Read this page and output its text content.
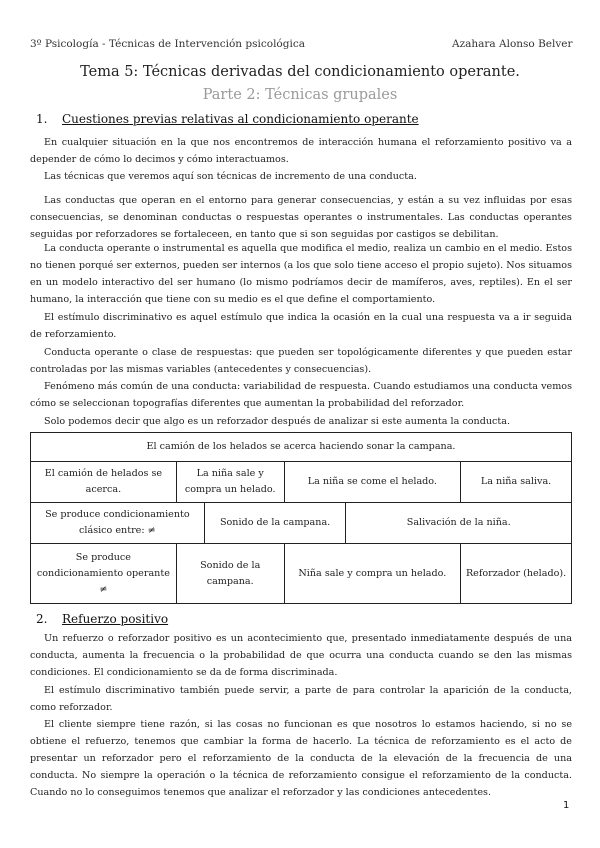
3º Psicología - Técnicas de Intervención psicológica	Azahara Alonso Belver
Tema 5: Técnicas derivadas del condicionamiento operante.
Parte 2: Técnicas grupales
1. Cuestiones previas relativas al condicionamiento operante

En cualquier situación en la que nos encontremos de interacción humana el reforzamiento positivo va a depender de cómo lo decimos y cómo interactuamos.

Las técnicas que veremos aquí son técnicas de incremento de una conducta.

Las conductas que operan en el entorno para generar consecuencias, y están a su vez influidas por esas consecuencias, se denominan conductas o respuestas operantes o instrumentales. Las conductas operantes seguidas por reforzadores se fortaleceen, en tanto que si son seguidas por castigos se debilitan.

La conducta operante o instrumental es aquella que modifica el medio, realiza un cambio en el medio. Estos no tienen porqué ser externos, pueden ser internos (a los que solo tiene acceso el propio sujeto). Nos situamos en un modelo interactivo del ser humano (lo mismo podríamos decir de mamíferos, aves, reptiles). En el ser humano, la interacción que tiene con su medio es el que define el comportamiento.

El estímulo discriminativo es aquel estímulo que indica la ocasión en la cual una respuesta va a ir seguida de reforzamiento.

Conducta operante o clase de respuestas: que pueden ser topológicamente diferentes y que pueden estar controladas por las mismas variables (antecedentes y consecuencias).

Fenómeno más común de una conducta: variabilidad de respuesta. Cuando estudiamos una conducta vemos cómo se seleccionan topografías diferentes que aumentan la probabilidad del reforzador.

Solo podemos decir que algo es un reforzador después de analizar si este aumenta la conducta.

El camión de los helados se acerca haciendo sonar la campana.					
El camión de helados se acerca.	La niña sale y compra un helado.		La niña se come el helado.		La niña saliva.
Se produce condicionamiento clásico entre: ≠		Sonido de la campana.		Salivación de la niña.	
Se produce condicionamiento operante ≠	Sonido de la campana.		Niña sale y compra un helado.		Reforzador (helado).
2. Refuerzo positivo

Un refuerzo o reforzador positivo es un acontecimiento que, presentado inmediatamente después de una conducta, aumenta la frecuencia o la probabilidad de que ocurra una conducta cuando se den las mismas condiciones. El condicionamiento se da de forma discriminada.

El estímulo discriminativo también puede servir, a parte de para controlar la aparición de la conducta, como reforzador.

El cliente siempre tiene razón, si las cosas no funcionan es que nosotros lo estamos haciendo, si no se obtiene el refuerzo, tenemos que cambiar la forma de hacerlo. La técnica de reforzamiento es el acto de presentar un reforzador pero el reforzamiento de la conducta de la elevación de la frecuencia de una conducta. No siempre la operación o la técnica de reforzamiento consigue el reforzamiento de la conducta. Cuando no lo conseguimos tenemos que analizar el reforzador y las condiciones antecedentes.

1
